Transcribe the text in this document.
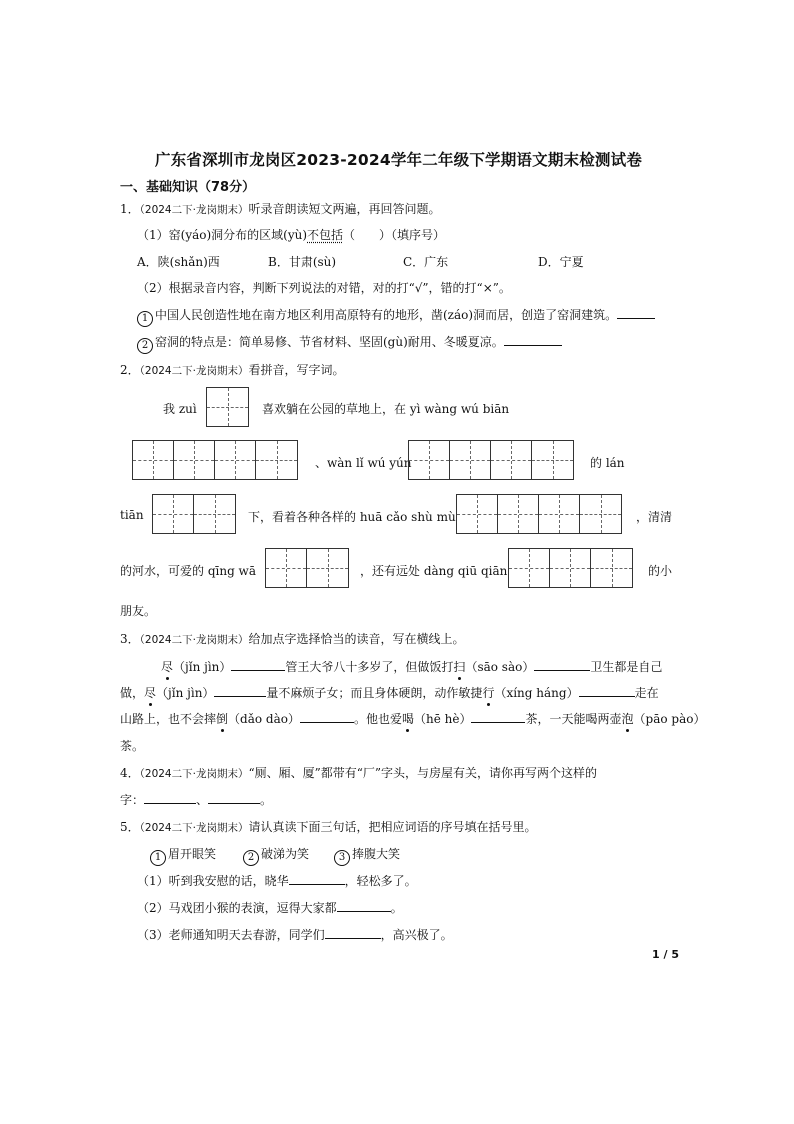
广东省深圳市龙岗区2023-2024学年二年级下学期语文期末检测试卷
一、基础知识（78分）
1．（2024二下·龙岗期末）听录音朗读短文两遍，再回答问题。
（1）窑(yáo)洞分布的区域(yù)不包括（　　）（填序号）
A．陕(shǎn)西	B．甘肃(sù)	C．广东	D．宁夏
（2）根据录音内容，判断下列说法的对错，对的打“√”，错的打“×”。
1 中国人民创造性地在南方地区利用高原特有的地形，凿(záo)洞而居，创造了窑洞建筑。
2 窑洞的特点是：简单易修、节省材料、坚固(gù)耐用、冬暖夏凉。
2．（2024二下·龙岗期末）看拼音，写字词。
我 zuì	喜欢躺在公园的草地上，在 yì wàng wú biān
、wàn lǐ wú yún	的 lán
tiān	下，看着各种各样的 huā cǎo shù mù	，清清
的河水，可爱的 qīng wā	，还有远处 dàng qiū qiān	的小
朋友。
3．（2024二下·龙岗期末）给加点字选择恰当的读音，写在横线上。
尽（jǐn jìn）	管王大爷八十多岁了，但做饭打扫（sāo sào）	卫生都是自己
做，尽（jǐn jìn）	量不麻烦子女；而且身体硬朗，动作敏捷行（xíng háng）	走在
山路上，也不会摔倒（dǎo dào）	。他也爱喝（hē hè）	茶，一天能喝两壶泡（pāo pào）
茶。
4．（2024二下·龙岗期末）“厕、厢、厦”都带有“厂”字头，与房屋有关，请你再写两个这样的
字：	、	。
5．（2024二下·龙岗期末）请认真读下面三句话，把相应词语的序号填在括号里。
1 眉开眼笑	2 破涕为笑	3 捧腹大笑
（1）听到我安慰的话，晓华	，轻松多了。
（2）马戏团小猴的表演，逗得大家都	。
（3）老师通知明天去春游，同学们	，高兴极了。
1 / 5
